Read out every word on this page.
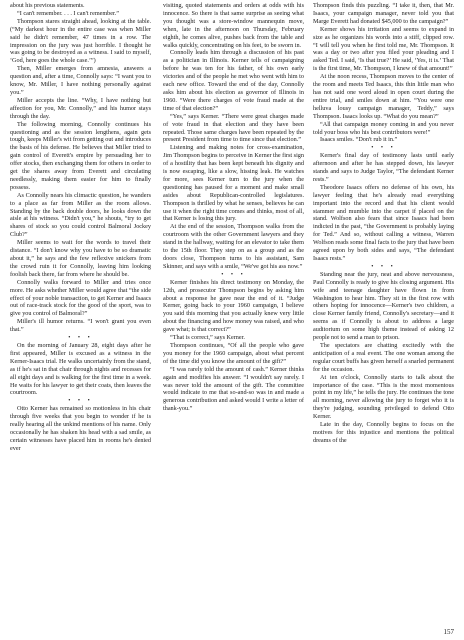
about his previous statements.

“I can't remember. . . . I can't remember.”

Thompson stares straight ahead, looking at the table. (“My darkest hour in the entire case was when Miller said he didn't remember, 47 times in a row. The impression on the jury was just horrible. I thought he was going to be destroyed as a witness. I said to myself, ‘God, here goes the whole case.’”)

Then, Miller emerges from amnesia, answers a question and, after a time, Connolly says: “I want you to know, Mr. Miller, I have nothing personally against you.”

Miller accepts the line. “Why, I have nothing but affection for you, Mr. Connolly,” and his humor stays through the day.

The following morning, Connolly continues his questioning and as the session lengthens, again gets tough, keeps Miller's wit from getting out and introduces the basis of his defense. He believes that Miller tried to gain control of Everett's empire by persuading her to offer stocks, then exchanging them for others in order to get the shares away from Everett and circulating needlessly, making them easier for him to finally possess.

As Connolly nears his climactic question, he wanders to a place as far from Miller as the room allows. Standing by the back double doors, he looks down the aisle at his witness. “Didn't you,” he shouts, “try to get shares of stock so you could control Balmoral Jockey Club?”

Miller seems to wait for the words to travel their distance. “I don't know why you have to be so dramatic about it,” he says and the few reflexive snickers from the crowd ruin it for Connolly, leaving him looking foolish back there, far from where he should be.

Connolly walks forward to Miller and tries once more. He asks whether Miller would agree that “the side effect of your noble transaction, to get Kerner and Isaacs out of race-track stock for the good of the sport, was to give you control of Balmoral?”

Miller's ill humor returns. “I won't grant you even that.”

• • •

On the morning of January 28, eight days after he first appeared, Miller is excused as a witness in the Kerner-Isaacs trial. He walks uncertainly from the stand, as if he's sat in that chair through nights and recesses for all eight days and is walking for the first time in a week. He waits for his lawyer to get their coats, then leaves the courtroom.

• • •

Otto Kerner has remained so motionless in his chair through five weeks that you begin to wonder if he is really hearing all the unkind mentions of his name. Only occasionally he has shaken his head with a sad smile, as certain witnesses have placed him in rooms he's denied ever

visiting, quoted statements and orders at odds with his innocence. So there is that same surprise as seeing what you thought was a store-window mannequin move, when, late in the afternoon on Thursday, February eighth, he comes alive, pushes back from the table and walks quickly, concentrating on his feet, to be sworn in.

Connolly leads him through a discussion of his past as a politician in Illinois. Kerner tells of campaigning before he was ten for his father, of his own early victories and of the people he met who went with him to each new office. Toward the end of the day, Connolly asks him about his election as governor of Illinois in 1960. “Were there charges of vote fraud made at the time of that election?”

“Yes,” says Kerner. “There were great charges made of vote fraud in that election and they have been repeated. Those same charges have been repeated by the present President from time to time since that election.”

Listening and making notes for cross-examination, Jim Thompson begins to perceive in Kerner the first sign of a hostility that has been kept beneath his dignity and is now escaping, like a slow, hissing leak. He watches for more, sees Kerner turn to the jury when the questioning has paused for a moment and make small asides about Republican-controlled legislatures. Thompson is thrilled by what he senses, believes he can use it when the right time comes and thinks, most of all, that Kerner is losing this jury.

At the end of the session, Thompson walks from the courtroom with the other Government lawyers and they stand in the hallway, waiting for an elevator to take them to the 15th floor. They step on as a group and as the doors close, Thompson turns to his assistant, Sam Skinner, and says with a smile, “We've got his ass now.”

• • •

Kerner finishes his direct testimony on Monday, the 12th, and prosecutor Thompson begins by asking him about a response he gave near the end of it. “Judge Kerner, going back to your 1960 campaign, I believe you said this morning that you actually knew very little about the financing and how money was raised, and who gave what; is that correct?”

“That is correct,” says Kerner.

Thompson continues, “Of all the people who gave you money for the 1960 campaign, about what percent of the time did you know the amount of the gift?”

“I was rarely told the amount of cash.” Kerner thinks again and modifies his answer. “I wouldn't say rarely. I was never told the amount of the gift. The committee would indicate to me that so-and-so was in and made a generous contribution and asked would I write a letter of thank-you.”

Thompson finds this puzzling. “I take it, then, that Mr. Isaacs, your campaign manager, never told you that Marge Everett had donated $45,000 to the campaign?”

Kerner shows his irritation and seems to expand in size as he organizes his words into a stiff, clipped row. “I will tell you when he first told me, Mr. Thompson. It was a day or two after you filed your pleading and I asked Ted. I said, ‘Is that true?’ He said, ‘Yes, it is.’ That is the first time, Mr. Thompson, I knew of that amount!”

At the noon recess, Thompson moves to the center of the room and meets Ted Isaacs, this thin little man who has not said one word aloud in open court during the entire trial, and smiles down at him. “You were one helluva lousy campaign manager, Teddy,” says Thompson. Isaacs looks up. “What do you mean?”

“All that campaign money coming in and you never told your boss who his best contributors were!”

Isaacs smiles. “Don't rub it in.”

• • •

Kerner's final day of testimony lasts until early afternoon and after he has stepped down, his lawyer stands and says to Judge Taylor, “The defendant Kerner rests.”

Theodore Isaacs offers no defense of his own, his lawyer feeling that he's already read everything important into the record and that his client would stammer and mumble into the carpet if placed on the stand. Wolfson also fears that since Isaacs had been indicted in the past, “the Government is probably laying for Ted.” And so, without calling a witness, Warren Wolfson reads some final facts to the jury that have been agreed upon by both sides and says, “The defendant Isaacs rests.”

• • •

Standing near the jury, neat and above nervousness, Paul Connolly is ready to give his closing argument. His wife and teenage daughter have flown in from Washington to hear him. They sit in the first row with others hoping for innocence—Kerner's two children, a close Kerner family friend, Connolly's secretary—and it seems as if Connolly is about to address a large auditorium on some high theme instead of asking 12 people not to send a man to prison.

The spectators are chatting excitedly with the anticipation of a real event. The one woman among the regular court buffs has given herself a snarled permanent for the occasion.

At ten o'clock, Connolly starts to talk about the importance of the case. “This is the most momentous point in my life,” he tells the jury. He continues the tone all morning, never allowing the jury to forget who it is they're judging, sounding privileged to defend Otto Kerner.

Late in the day, Connolly begins to focus on the motives for this injustice and mentions the political dreams of the

157
